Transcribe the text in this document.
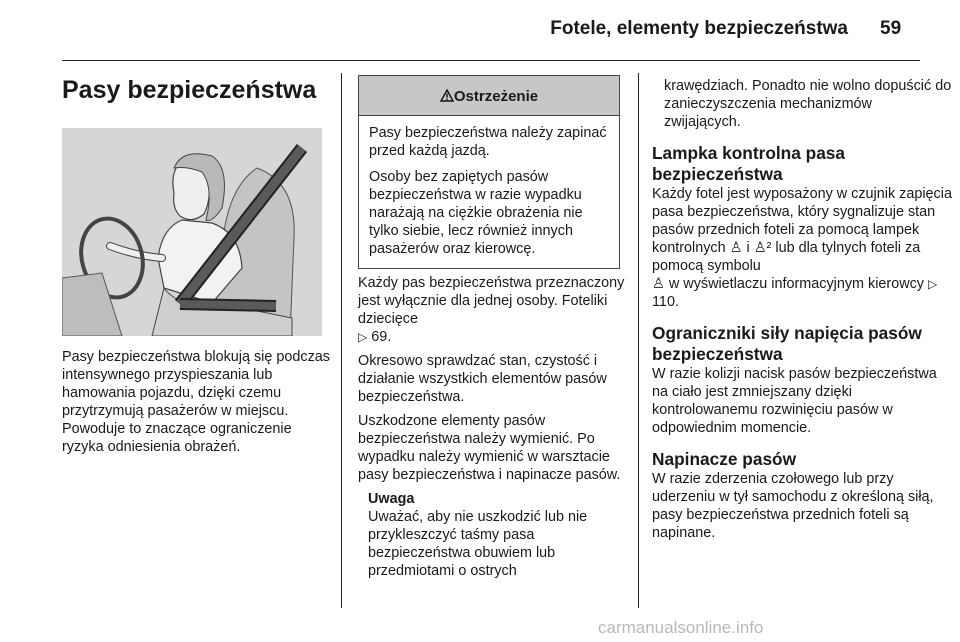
Fotele, elementy bezpieczeństwa 59
Pasy bezpieczeństwa
Pasy bezpieczeństwa blokują się podczas intensywnego przyspieszania lub hamowania pojazdu, dzięki czemu przytrzymują pasażerów w miejscu. Powoduje to znaczące ograniczenie ryzyka odniesienia obrażeń.
Ostrzeżenie

Pasy bezpieczeństwa należy zapinać przed każdą jazdą.

Osoby bez zapiętych pasów bezpieczeństwa w razie wypadku narażają na ciężkie obrażenia nie tylko siebie, lecz również innych pasażerów oraz kierowcę.

Każdy pas bezpieczeństwa przeznaczony jest wyłącznie dla jednej osoby. Foteliki dziecięce
▷ 69.

Okresowo sprawdzać stan, czystość i działanie wszystkich elementów pasów bezpieczeństwa.

Uszkodzone elementy pasów bezpieczeństwa należy wymienić. Po wypadku należy wymienić w warsztacie pasy bezpieczeństwa i napinacze pasów.

Uwaga
Uważać, aby nie uszkodzić lub nie przykleszczyć taśmy pasa bezpieczeństwa obuwiem lub przedmiotami o ostrych

krawędziach. Ponadto nie wolno dopuścić do zanieczyszczenia mechanizmów zwijających.

Lampka kontrolna pasa bezpieczeństwa

Każdy fotel jest wyposażony w czujnik zapięcia pasa bezpieczeństwa, który sygnalizuje stan pasów przednich foteli za pomocą lampek kontrolnych ♙ i ♙² lub dla tylnych foteli za pomocą symbolu
♙ w wyświetlaczu informacyjnym kierowcy ▷ 110.

Ograniczniki siły napięcia pasów bezpieczeństwa

W razie kolizji nacisk pasów bezpieczeństwa na ciało jest zmniejszany dzięki kontrolowanemu rozwinięciu pasów w odpowiednim momencie.

Napinacze pasów

W razie zderzenia czołowego lub przy uderzeniu w tył samochodu z określoną siłą, pasy bezpieczeństwa przednich foteli są napinane.

carmanualsonline.info
